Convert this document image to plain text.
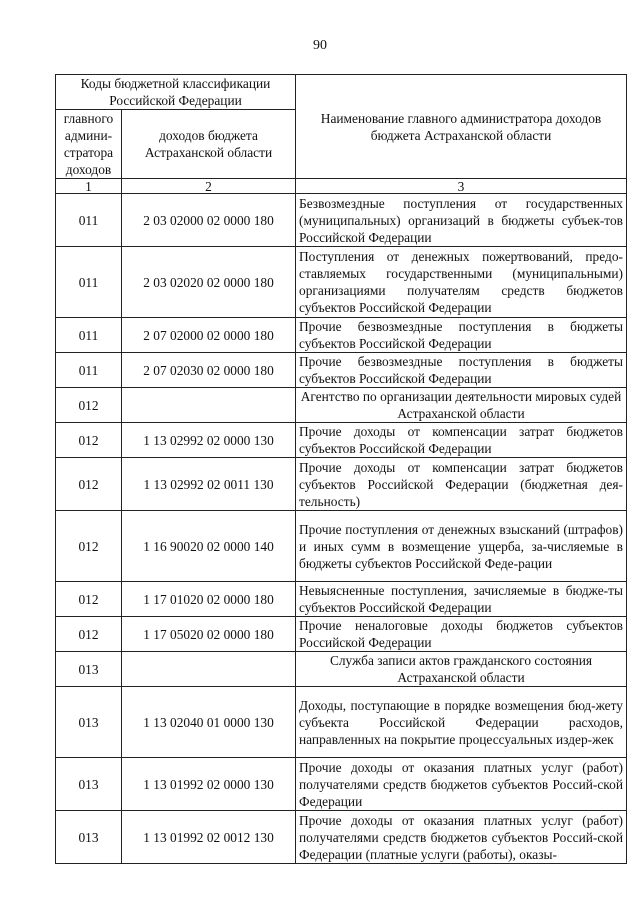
90
Коды бюджетной классификации Российской Федерации		Наименование главного администратора доходов бюджета Астраханской области
главного админи-стратора доходов	доходов бюджета Астраханской области	
1	2	3
011	2 03 02000 02 0000 180	Безвозмездные поступления от государственных (муниципальных) организаций в бюджеты субъек-тов Российской Федерации
011	2 03 02020 02 0000 180	Поступления от денежных пожертвований, предо-ставляемых государственными (муниципальными) организациями получателям средств бюджетов субъектов Российской Федерации
011	2 07 02000 02 0000 180	Прочие безвозмездные поступления в бюджеты субъектов Российской Федерации
011	2 07 02030 02 0000 180	Прочие безвозмездные поступления в бюджеты субъектов Российской Федерации
012		Агентство по организации деятельности мировых судей Астраханской области
012	1 13 02992 02 0000 130	Прочие доходы от компенсации затрат бюджетов субъектов Российской Федерации
012	1 13 02992 02 0011 130	Прочие доходы от компенсации затрат бюджетов субъектов Российской Федерации (бюджетная дея-тельность)
012	1 16 90020 02 0000 140	Прочие поступления от денежных взысканий (штрафов) и иных сумм в возмещение ущерба, за-числяемые в бюджеты субъектов Российской Феде-рации
012	1 17 01020 02 0000 180	Невыясненные поступления, зачисляемые в бюдже-ты субъектов Российской Федерации
012	1 17 05020 02 0000 180	Прочие неналоговые доходы бюджетов субъектов Российской Федерации
013		Служба записи актов гражданского состояния Астраханской области
013	1 13 02040 01 0000 130	Доходы, поступающие в порядке возмещения бюд-жету субъекта Российской Федерации расходов, направленных на покрытие процессуальных издер-жек
013	1 13 01992 02 0000 130	Прочие доходы от оказания платных услуг (работ) получателями средств бюджетов субъектов Россий-ской Федерации
013	1 13 01992 02 0012 130	Прочие доходы от оказания платных услуг (работ) получателями средств бюджетов субъектов Россий-ской Федерации (платные услуги (работы), оказы-
